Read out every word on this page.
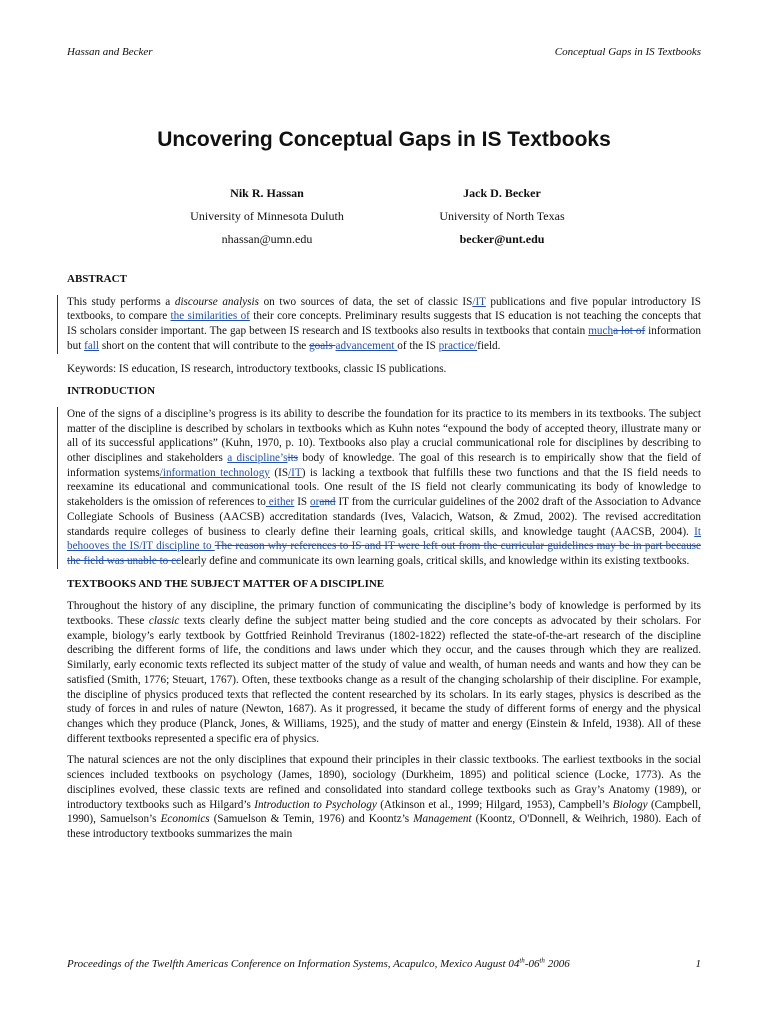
Hassan and Becker	Conceptual Gaps in IS Textbooks
Uncovering Conceptual Gaps in IS Textbooks
Nik R. Hassan
University of Minnesota Duluth
nhassan@umn.edu
Jack D. Becker
University of North Texas
becker@unt.edu
ABSTRACT

This study performs a discourse analysis on two sources of data, the set of classic IS/IT publications and five popular introductory IS textbooks, to compare the similarities of their core concepts. Preliminary results suggests that IS education is not teaching the concepts that IS scholars consider important. The gap between IS research and IS textbooks also results in textbooks that contain mucha lot of information but fall short on the content that will contribute to the goals advancement of the IS practice/field.

Keywords: IS education, IS research, introductory textbooks, classic IS publications.

INTRODUCTION

One of the signs of a discipline’s progress is its ability to describe the foundation for its practice to its members in its textbooks. The subject matter of the discipline is described by scholars in textbooks which as Kuhn notes “expound the body of accepted theory, illustrate many or all of its successful applications” (Kuhn, 1970, p. 10). Textbooks also play a crucial communicational role for disciplines by describing to other disciplines and stakeholders a discipline’sits body of knowledge. The goal of this research is to empirically show that the field of information systems/information technology (IS/IT) is lacking a textbook that fulfills these two functions and that the IS field needs to reexamine its educational and communicational tools. One result of the IS field not clearly communicating its body of knowledge to stakeholders is the omission of references to either IS orand IT from the curricular guidelines of the 2002 draft of the Association to Advance Collegiate Schools of Business (AACSB) accreditation standards (Ives, Valacich, Watson, & Zmud, 2002). The revised accreditation standards require colleges of business to clearly define their learning goals, critical skills, and knowledge taught (AACSB, 2004). It behooves the IS/IT discipline to The reason why references to IS and IT were left out from the curricular guidelines may be in part because the field was unable to cclearly define and communicate its own learning goals, critical skills, and knowledge within its existing textbooks.

TEXTBOOKS AND THE SUBJECT MATTER OF A DISCIPLINE

Throughout the history of any discipline, the primary function of communicating the discipline’s body of knowledge is performed by its textbooks. These classic texts clearly define the subject matter being studied and the core concepts as advocated by their scholars. For example, biology’s early textbook by Gottfried Reinhold Treviranus (1802-1822) reflected the state-of-the-art research of the discipline describing the different forms of life, the conditions and laws under which they occur, and the causes through which they are realized. Similarly, early economic texts reflected its subject matter of the study of value and wealth, of human needs and wants and how they can be satisfied (Smith, 1776; Steuart, 1767). Often, these textbooks change as a result of the changing scholarship of their discipline. For example, the discipline of physics produced texts that reflected the content researched by its scholars. In its early stages, physics is described as the study of forces in and rules of nature (Newton, 1687). As it progressed, it became the study of different forms of energy and the physical changes which they produce (Planck, Jones, & Williams, 1925), and the study of matter and energy (Einstein & Infeld, 1938). All of these different textbooks represented a specific era of physics.

The natural sciences are not the only disciplines that expound their principles in their classic textbooks. The earliest textbooks in the social sciences included textbooks on psychology (James, 1890), sociology (Durkheim, 1895) and political science (Locke, 1773). As the disciplines evolved, these classic texts are refined and consolidated into standard college textbooks such as Gray’s Anatomy (1989), or introductory textbooks such as Hilgard’s Introduction to Psychology (Atkinson et al., 1999; Hilgard, 1953), Campbell’s Biology (Campbell, 1990), Samuelson’s Economics (Samuelson & Temin, 1976) and Koontz’s Management (Koontz, O'Donnell, & Weihrich, 1980). Each of these introductory textbooks summarizes the main

Proceedings of the Twelfth Americas Conference on Information Systems, Acapulco, Mexico August 04th-06th 2006	1
